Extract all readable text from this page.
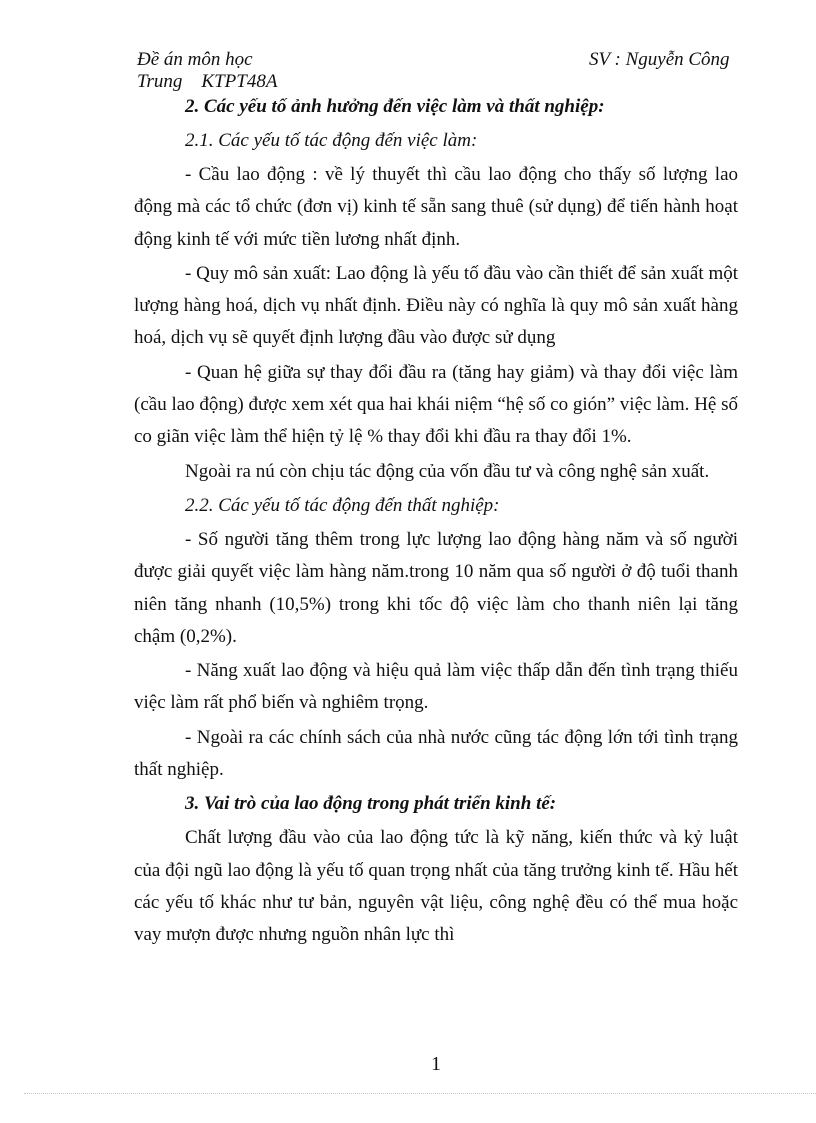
Đề án môn học
Trung    KTPT48A
SV : Nguyễn Công
2. Các yếu tố ảnh hưởng đến việc làm và thất nghiệp:
2.1. Các yếu tố tác động đến việc làm:

- Cầu lao động : về lý thuyết thì cầu lao động cho thấy số lượng lao động mà các tổ chức (đơn vị) kinh tế sẵn sang thuê (sử dụng) để tiến hành hoạt động kinh tế với mức tiền lương nhất định.

- Quy mô sản xuất: Lao động là yếu tố đầu vào cần thiết để sản xuất một lượng hàng hoá, dịch vụ nhất định. Điều này có nghĩa là quy mô sản xuất hàng hoá, dịch vụ sẽ quyết định lượng đầu vào được sử dụng

- Quan hệ giữa sự thay đổi đầu ra (tăng hay giảm) và thay đổi việc làm (cầu lao động) được xem xét qua hai khái niệm “hệ số co gión” việc làm. Hệ số co giãn việc làm thể hiện tỷ lệ % thay đổi khi đầu ra thay đổi 1%.

Ngoài ra nú còn chịu tác động của vốn đầu tư và công nghệ sản xuất.

2.2. Các yếu tố tác động đến thất nghiệp:

- Số người tăng thêm trong lực lượng lao động hàng năm và số người được giải quyết việc làm hàng năm.trong 10 năm qua số người ở độ tuổi thanh niên tăng nhanh (10,5%) trong khi tốc độ việc làm cho thanh niên lại tăng chậm (0,2%).

- Năng xuất lao động và hiệu quả làm việc thấp dẫn đến tình trạng thiếu việc làm rất phổ biến và nghiêm trọng.

- Ngoài ra các chính sách của nhà nước cũng tác động lớn tới tình trạng thất nghiệp.

3. Vai trò của lao động trong phát triển kinh tế:

Chất lượng đầu vào của lao động tức là kỹ năng, kiến thức và kỷ luật của đội ngũ lao động là yếu tố quan trọng nhất của tăng trưởng kinh tế. Hầu hết các yếu tố khác như tư bản, nguyên vật liệu, công nghệ đều có thể mua hoặc vay mượn được nhưng nguồn nhân lực thì

1
